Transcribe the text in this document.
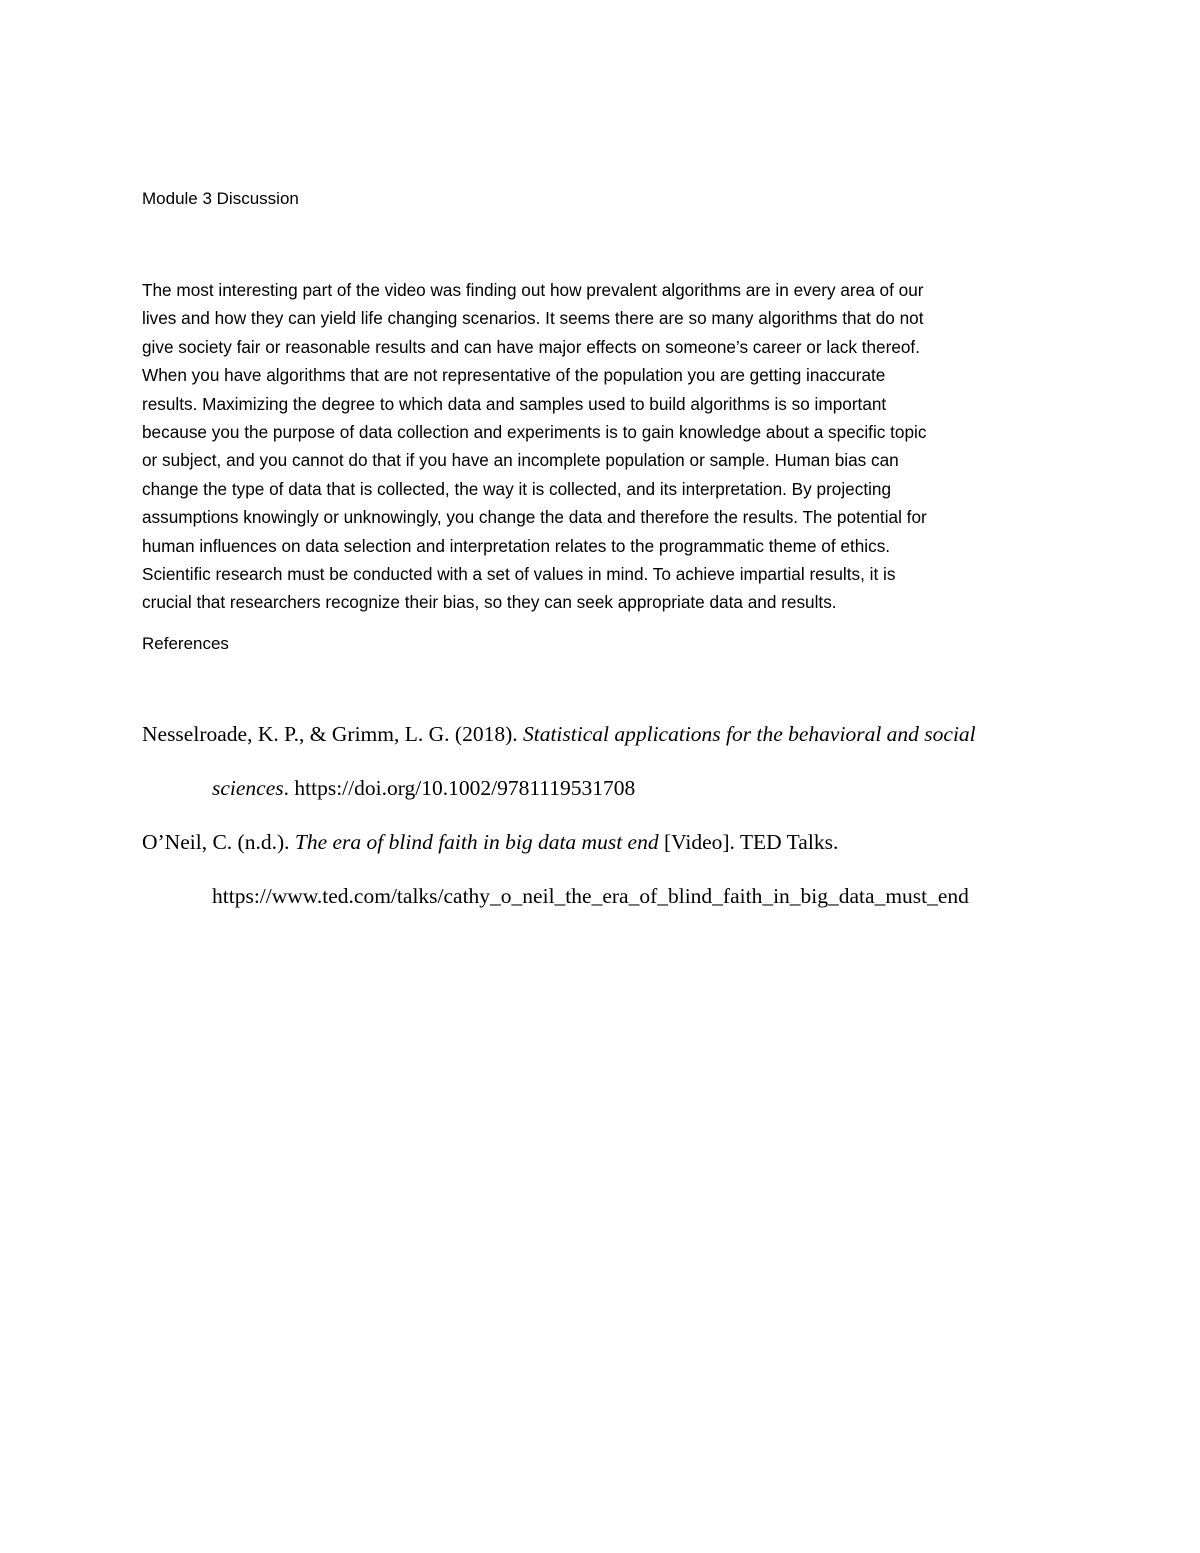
Module 3 Discussion

The most interesting part of the video was finding out how prevalent algorithms are in every area of our
lives and how they can yield life changing scenarios. It seems there are so many algorithms that do not
give society fair or reasonable results and can have major effects on someone’s career or lack thereof.
When you have algorithms that are not representative of the population you are getting inaccurate
results. Maximizing the degree to which data and samples used to build algorithms is so important
because you the purpose of data collection and experiments is to gain knowledge about a specific topic
or subject, and you cannot do that if you have an incomplete population or sample. Human bias can
change the type of data that is collected, the way it is collected, and its interpretation. By projecting
assumptions knowingly or unknowingly, you change the data and therefore the results. The potential for
human influences on data selection and interpretation relates to the programmatic theme of ethics.
Scientific research must be conducted with a set of values in mind. To achieve impartial results, it is
crucial that researchers recognize their bias, so they can seek appropriate data and results.

References
Nesselroade, K. P., & Grimm, L. G. (2018). Statistical applications for the behavioral and social
sciences. https://doi.org/10.1002/9781119531708
O’Neil, C. (n.d.). The era of blind faith in big data must end [Video]. TED Talks.
https://www.ted.com/talks/cathy_o_neil_the_era_of_blind_faith_in_big_data_must_end
